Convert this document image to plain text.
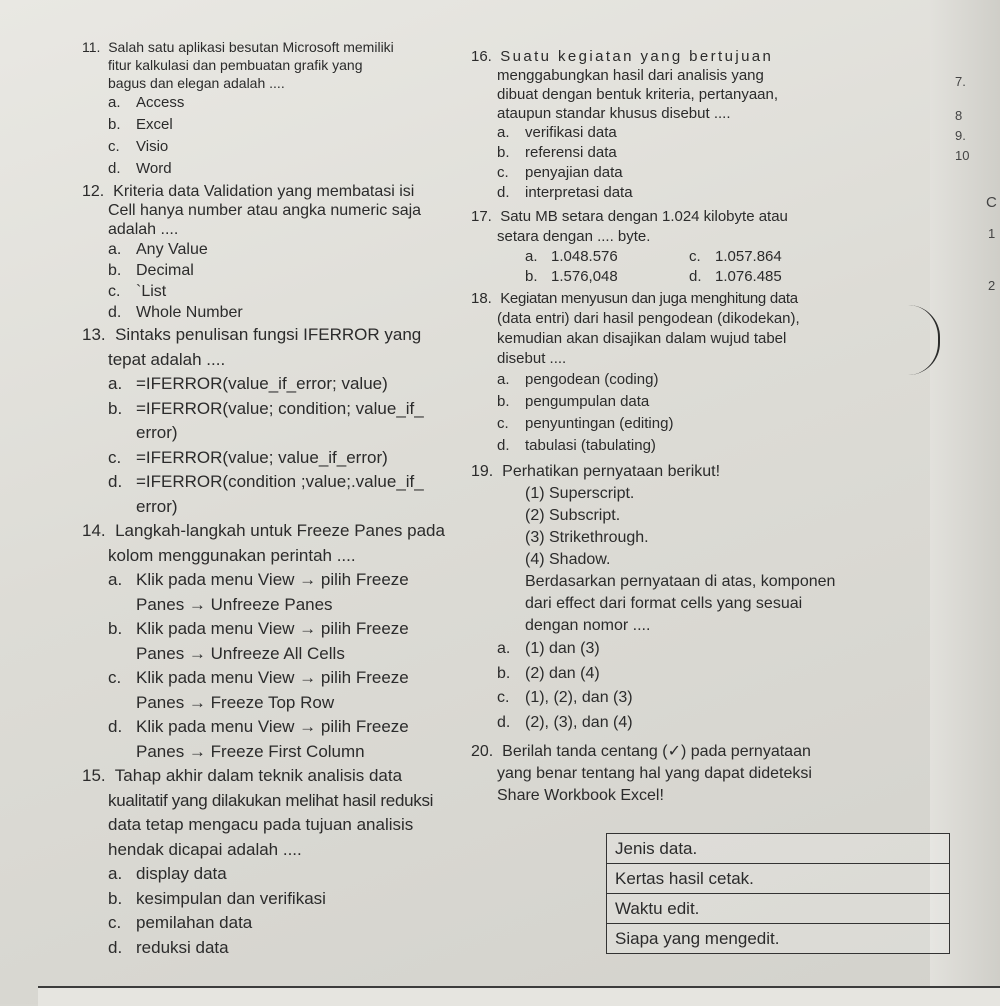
11. Salah satu aplikasi besutan Microsoft memiliki
fitur kalkulasi dan pembuatan grafik yang
bagus dan elegan adalah ....
a.	Access
b.	Excel
c.	Visio
d.	Word
12. Kriteria data Validation yang membatasi isi
Cell hanya number atau angka numeric saja
adalah ....
a. Any Value
b. Decimal
c. `List
d. Whole Number
13. Sintaks penulisan fungsi IFERROR yang
tepat adalah ....
a. =IFERROR(value_if_error; value)
b. =IFERROR(value; condition; value_if_
error)
c. =IFERROR(value; value_if_error)
d. =IFERROR(condition ;value;.value_if_
error)
14. Langkah-langkah untuk Freeze Panes pada
kolom menggunakan perintah ....
a. Klik pada menu View → pilih Freeze
Panes → Unfreeze Panes
b. Klik pada menu View → pilih Freeze
Panes → Unfreeze All Cells
c. Klik pada menu View → pilih Freeze
Panes → Freeze Top Row
d. Klik pada menu View → pilih Freeze
Panes → Freeze First Column
15. Tahap akhir dalam teknik analisis data
kualitatif yang dilakukan melihat hasil reduksi
data tetap mengacu pada tujuan analisis
hendak dicapai adalah ....
a. display data
b. kesimpulan dan verifikasi
c. pemilahan data
d. reduksi data
16. Suatu kegiatan yang bertujuan
menggabungkan hasil dari analisis yang
dibuat dengan bentuk kriteria, pertanyaan,
ataupun standar khusus disebut ....
a.	verifikasi data
b.	referensi data
c.	penyajian data
d.	interpretasi data
17. Satu MB setara dengan 1.024 kilobyte atau
setara dengan .... byte.
a. 1.048.576	c. 1.057.864
b. 1.576,048	d. 1.076.485
18. Kegiatan menyusun dan juga menghitung data
(data entri) dari hasil pengodean (dikodekan),
kemudian akan disajikan dalam wujud tabel
disebut ....
a.	pengodean (coding)
b.	pengumpulan data
c.	penyuntingan (editing)
d.	tabulasi (tabulating)
19. Perhatikan pernyataan berikut!
(1) Superscript.
(2) Subscript.
(3) Strikethrough.
(4) Shadow.
Berdasarkan pernyataan di atas, komponen
dari effect dari format cells yang sesuai
dengan nomor ....
a. (1) dan (3)
b. (2) dan (4)
c. (1), (2), dan (3)
d. (2), (3), dan (4)
20. Berilah tanda centang (✓) pada pernyataan
yang benar tentang hal yang dapat dideteksi
Share Workbook Excel!
Jenis data.
Kertas hasil cetak.
Waktu edit.
Siapa yang mengedit.
7.
8
9.
10
C
1
2
